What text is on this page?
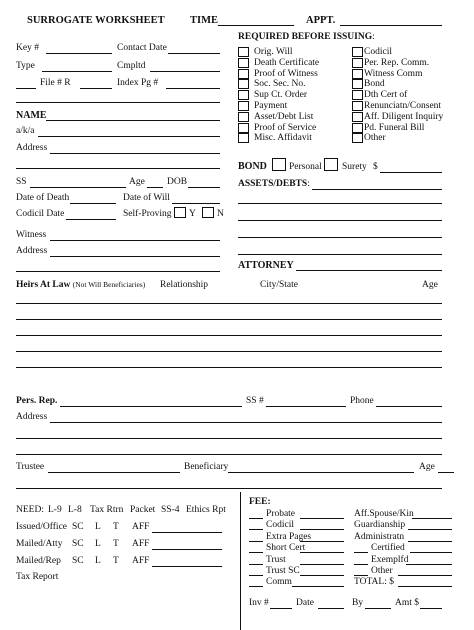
SURROGATE WORKSHEET TIME	APPT.
Key #	Contact Date
Type	Cmpltd
File # R	Index Pg #
NAME
a/k/a
Address
SS	Age DOB
Date of Death	Date of Will
Codicil Date	Self-Proving Y N
Witness
Address
REQUIRED BEFORE ISSUING:
Orig. Will
Death Certificate
Proof of Witness
Soc. Sec. No.
Sup Ct. Order
Payment
Asset/Debt List
Proof of Service
Misc. Affidavit
Codicil
Per. Rep. Comm.
Witness Comm
Bond
Dth Cert of
Renunciatn/Consent
Aff. Diligent Inquiry
Pd. Funeral Bill
Other
BOND Personal Surety $
ASSETS/DEBTS:
ATTORNEY
Heirs At Law (Not Will Beneficiaries) Relationship	City/State	Age
Pers. Rep.	SS #	Phone
Address
Trustee	Beneficiary	Age
NEED: L-9 L-8 Tax Rtrn Packet SS-4 Ethics Rpt
Issued/Office SC L T AFF
Mailed/Atty SC L T AFF
Mailed/Rep SC L T AFF
Tax Report
FEE:
Probate	Aff.Spouse/Kin
Codicil	Guardianship
Extra Pages	Administratn
Short Cert	Certified
Trust	Exemplfd
Trust SC	Other
Comm	TOTAL: $
Inv #	Date	By	Amt $
